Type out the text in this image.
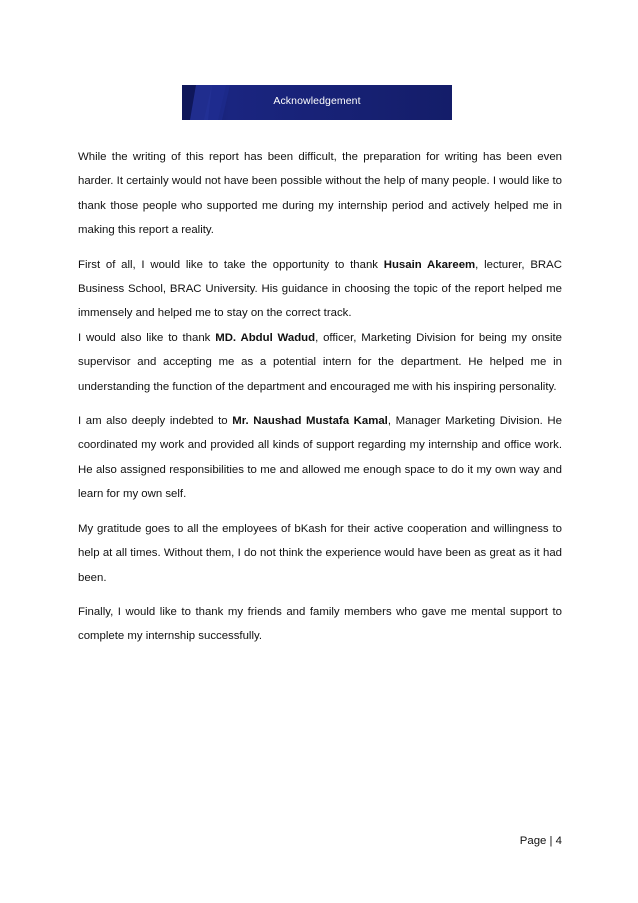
Acknowledgement

While the writing of this report has been difficult, the preparation for writing has been even harder. It certainly would not have been possible without the help of many people. I would like to thank those people who supported me during my internship period and actively helped me in making this report a reality.

First of all, I would like to take the opportunity to thank Husain Akareem, lecturer, BRAC Business School, BRAC University. His guidance in choosing the topic of the report helped me immensely and helped me to stay on the correct track.

I would also like to thank MD. Abdul Wadud, officer, Marketing Division for being my onsite supervisor and accepting me as a potential intern for the department. He helped me in understanding the function of the department and encouraged me with his inspiring personality.

I am also deeply indebted to Mr. Naushad Mustafa Kamal, Manager Marketing Division. He coordinated my work and provided all kinds of support regarding my internship and office work. He also assigned responsibilities to me and allowed me enough space to do it my own way and learn for my own self.

My gratitude goes to all the employees of bKash for their active cooperation and willingness to help at all times. Without them, I do not think the experience would have been as great as it had been.

Finally, I would like to thank my friends and family members who gave me mental support to complete my internship successfully.

Page | 4
